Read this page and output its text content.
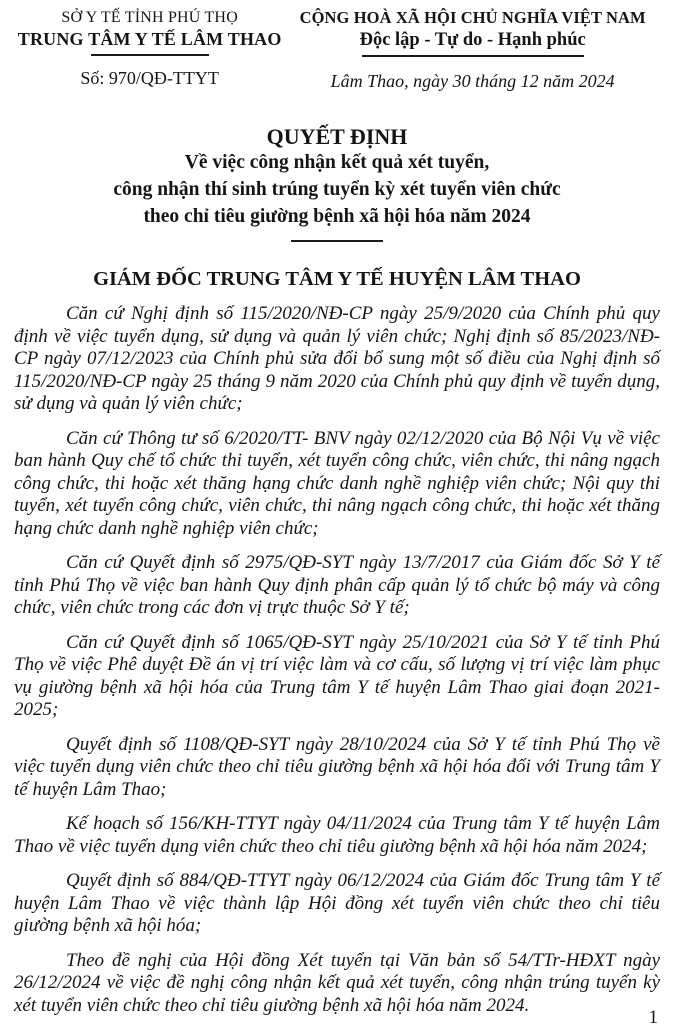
SỞ Y TẾ TỈNH PHÚ THỌ
TRUNG TÂM Y TẾ LÂM THAO
Số: 970/QĐ-TTYT
CỘNG HOÀ XÃ HỘI CHỦ NGHĨA VIỆT NAM
Độc lập - Tự do - Hạnh phúc
Lâm Thao, ngày 30 tháng 12 năm 2024
QUYẾT ĐỊNH
Về việc công nhận kết quả xét tuyển,
công nhận thí sinh trúng tuyển kỳ xét tuyển viên chức
theo chỉ tiêu giường bệnh xã hội hóa năm 2024
GIÁM ĐỐC TRUNG TÂM Y TẾ HUYỆN LÂM THAO

Căn cứ Nghị định số 115/2020/NĐ-CP ngày 25/9/2020 của Chính phủ quy định về việc tuyển dụng, sử dụng và quản lý viên chức; Nghị định số 85/2023/NĐ-CP ngày 07/12/2023 của Chính phủ sửa đổi bổ sung một số điều của Nghị định số 115/2020/NĐ-CP ngày 25 tháng 9 năm 2020 của Chính phủ quy định về tuyển dụng, sử dụng và quản lý viên chức;

Căn cứ Thông tư số 6/2020/TT- BNV ngày 02/12/2020 của Bộ Nội Vụ về việc ban hành Quy chế tổ chức thi tuyển, xét tuyển công chức, viên chức, thi nâng ngạch công chức, thi hoặc xét thăng hạng chức danh nghề nghiệp viên chức; Nội quy thi tuyển, xét tuyển công chức, viên chức, thi nâng ngạch công chức, thi hoặc xét thăng hạng chức danh nghề nghiệp viên chức;

Căn cứ Quyết định số 2975/QĐ-SYT ngày 13/7/2017 của Giám đốc Sở Y tế tỉnh Phú Thọ về việc ban hành Quy định phân cấp quản lý tổ chức bộ máy và công chức, viên chức trong các đơn vị trực thuộc Sở Y tế;

Căn cứ Quyết định số 1065/QĐ-SYT ngày 25/10/2021 của Sở Y tế tỉnh Phú Thọ về việc Phê duyệt Đề án vị trí việc làm và cơ cấu, số lượng vị trí việc làm phục vụ giường bệnh xã hội hóa của Trung tâm Y tế huyện Lâm Thao giai đoạn 2021-2025;

Quyết định số 1108/QĐ-SYT ngày 28/10/2024 của Sở Y tế tỉnh Phú Thọ về việc tuyển dụng viên chức theo chỉ tiêu giường bệnh xã hội hóa đối với Trung tâm Y tế huyện Lâm Thao;

Kế hoạch số 156/KH-TTYT ngày 04/11/2024 của Trung tâm Y tế huyện Lâm Thao về việc tuyển dụng viên chức theo chỉ tiêu giường bệnh xã hội hóa năm 2024;

Quyết định số 884/QĐ-TTYT ngày 06/12/2024 của Giám đốc Trung tâm Y tế huyện Lâm Thao về việc thành lập Hội đồng xét tuyển viên chức theo chỉ tiêu giường bệnh xã hội hóa;

Theo đề nghị của Hội đồng Xét tuyển tại Văn bản số 54/TTr-HĐXT ngày 26/12/2024 về việc đề nghị công nhận kết quả xét tuyển, công nhận trúng tuyển kỳ xét tuyển viên chức theo chỉ tiêu giường bệnh xã hội hóa năm 2024.

1
